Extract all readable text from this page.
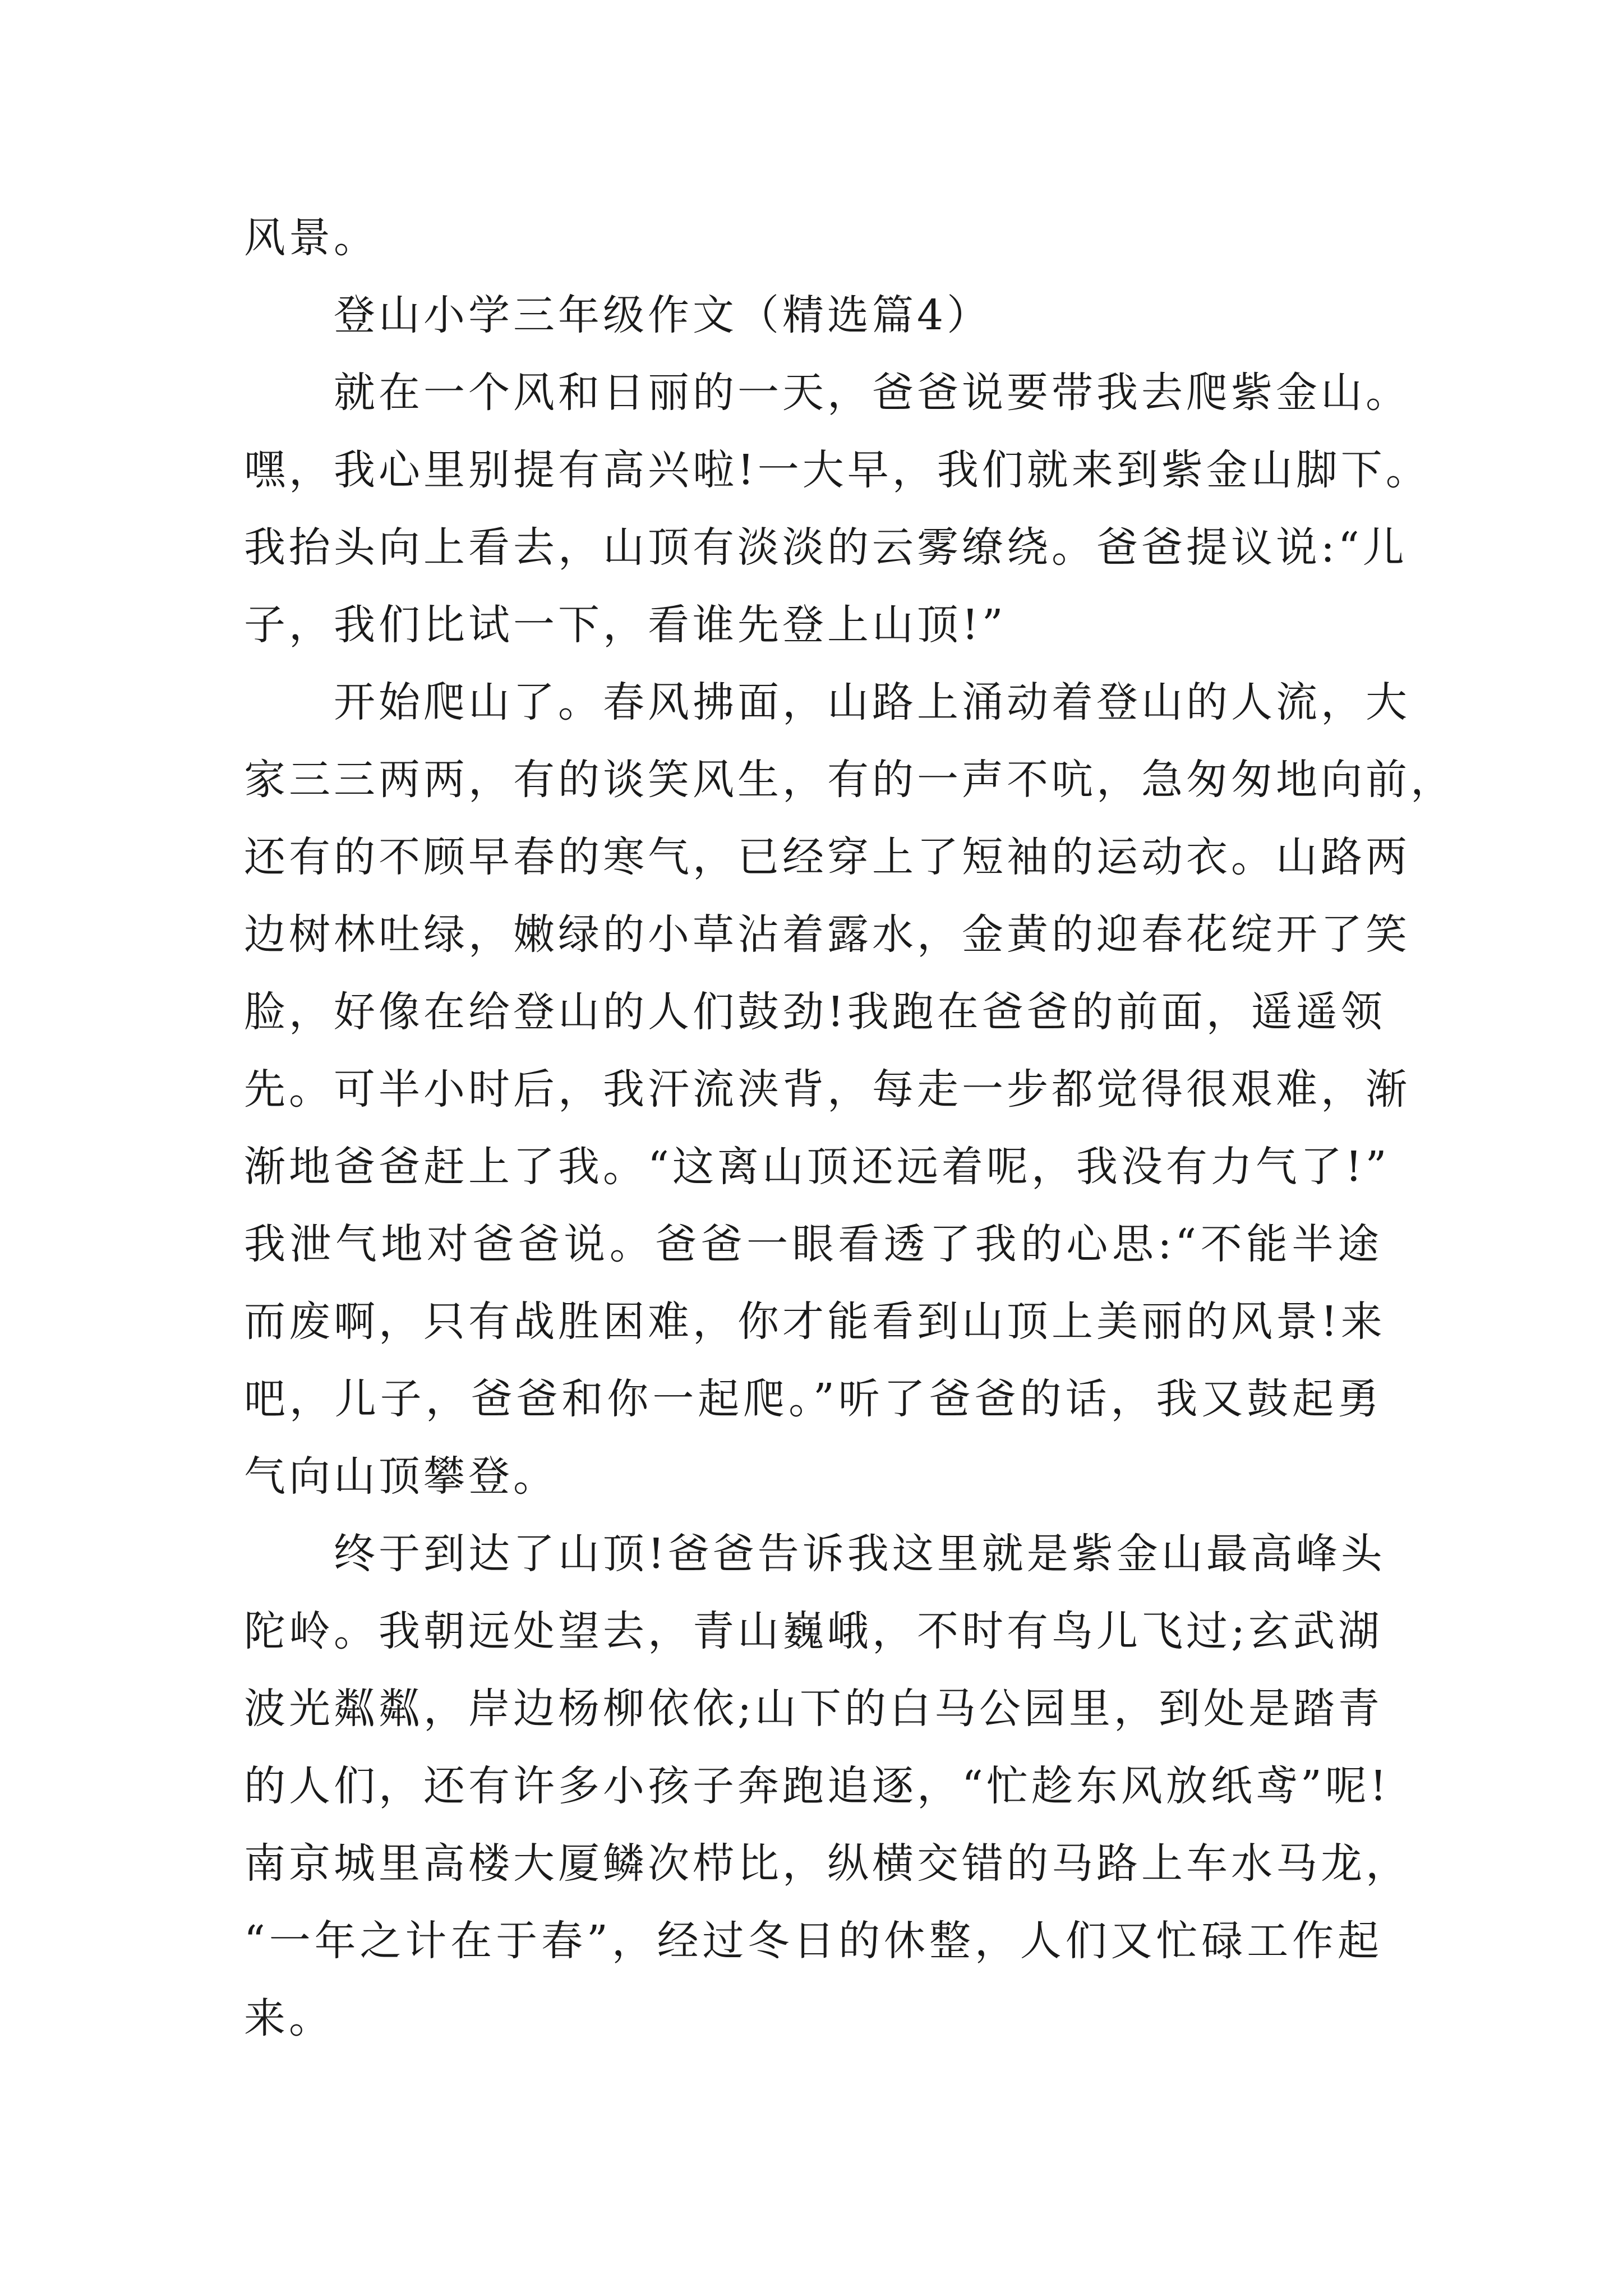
风景。
登山小学三年级作文（精选篇4）
就在一个风和日丽的一天，爸爸说要带我去爬紫金山。
嘿，我心里别提有高兴啦!一大早，我们就来到紫金山脚下。
我抬头向上看去，山顶有淡淡的云雾缭绕。爸爸提议说:“儿
子，我们比试一下，看谁先登上山顶!”
开始爬山了。春风拂面，山路上涌动着登山的人流，大
家三三两两，有的谈笑风生，有的一声不吭，急匆匆地向前，
还有的不顾早春的寒气，已经穿上了短袖的运动衣。山路两
边树林吐绿，嫩绿的小草沾着露水，金黄的迎春花绽开了笑
脸，好像在给登山的人们鼓劲!我跑在爸爸的前面，遥遥领
先。可半小时后，我汗流浃背，每走一步都觉得很艰难，渐
渐地爸爸赶上了我。“这离山顶还远着呢，我没有力气了!”
我泄气地对爸爸说。爸爸一眼看透了我的心思:“不能半途
而废啊，只有战胜困难，你才能看到山顶上美丽的风景!来
吧，儿子，爸爸和你一起爬。”听了爸爸的话，我又鼓起勇
气向山顶攀登。
终于到达了山顶!爸爸告诉我这里就是紫金山最高峰头
陀岭。我朝远处望去，青山巍峨，不时有鸟儿飞过;玄武湖
波光粼粼，岸边杨柳依依;山下的白马公园里，到处是踏青
的人们，还有许多小孩子奔跑追逐，“忙趁东风放纸鸢”呢!
南京城里高楼大厦鳞次栉比，纵横交错的马路上车水马龙，
“一年之计在于春”，经过冬日的休整，人们又忙碌工作起
来。
